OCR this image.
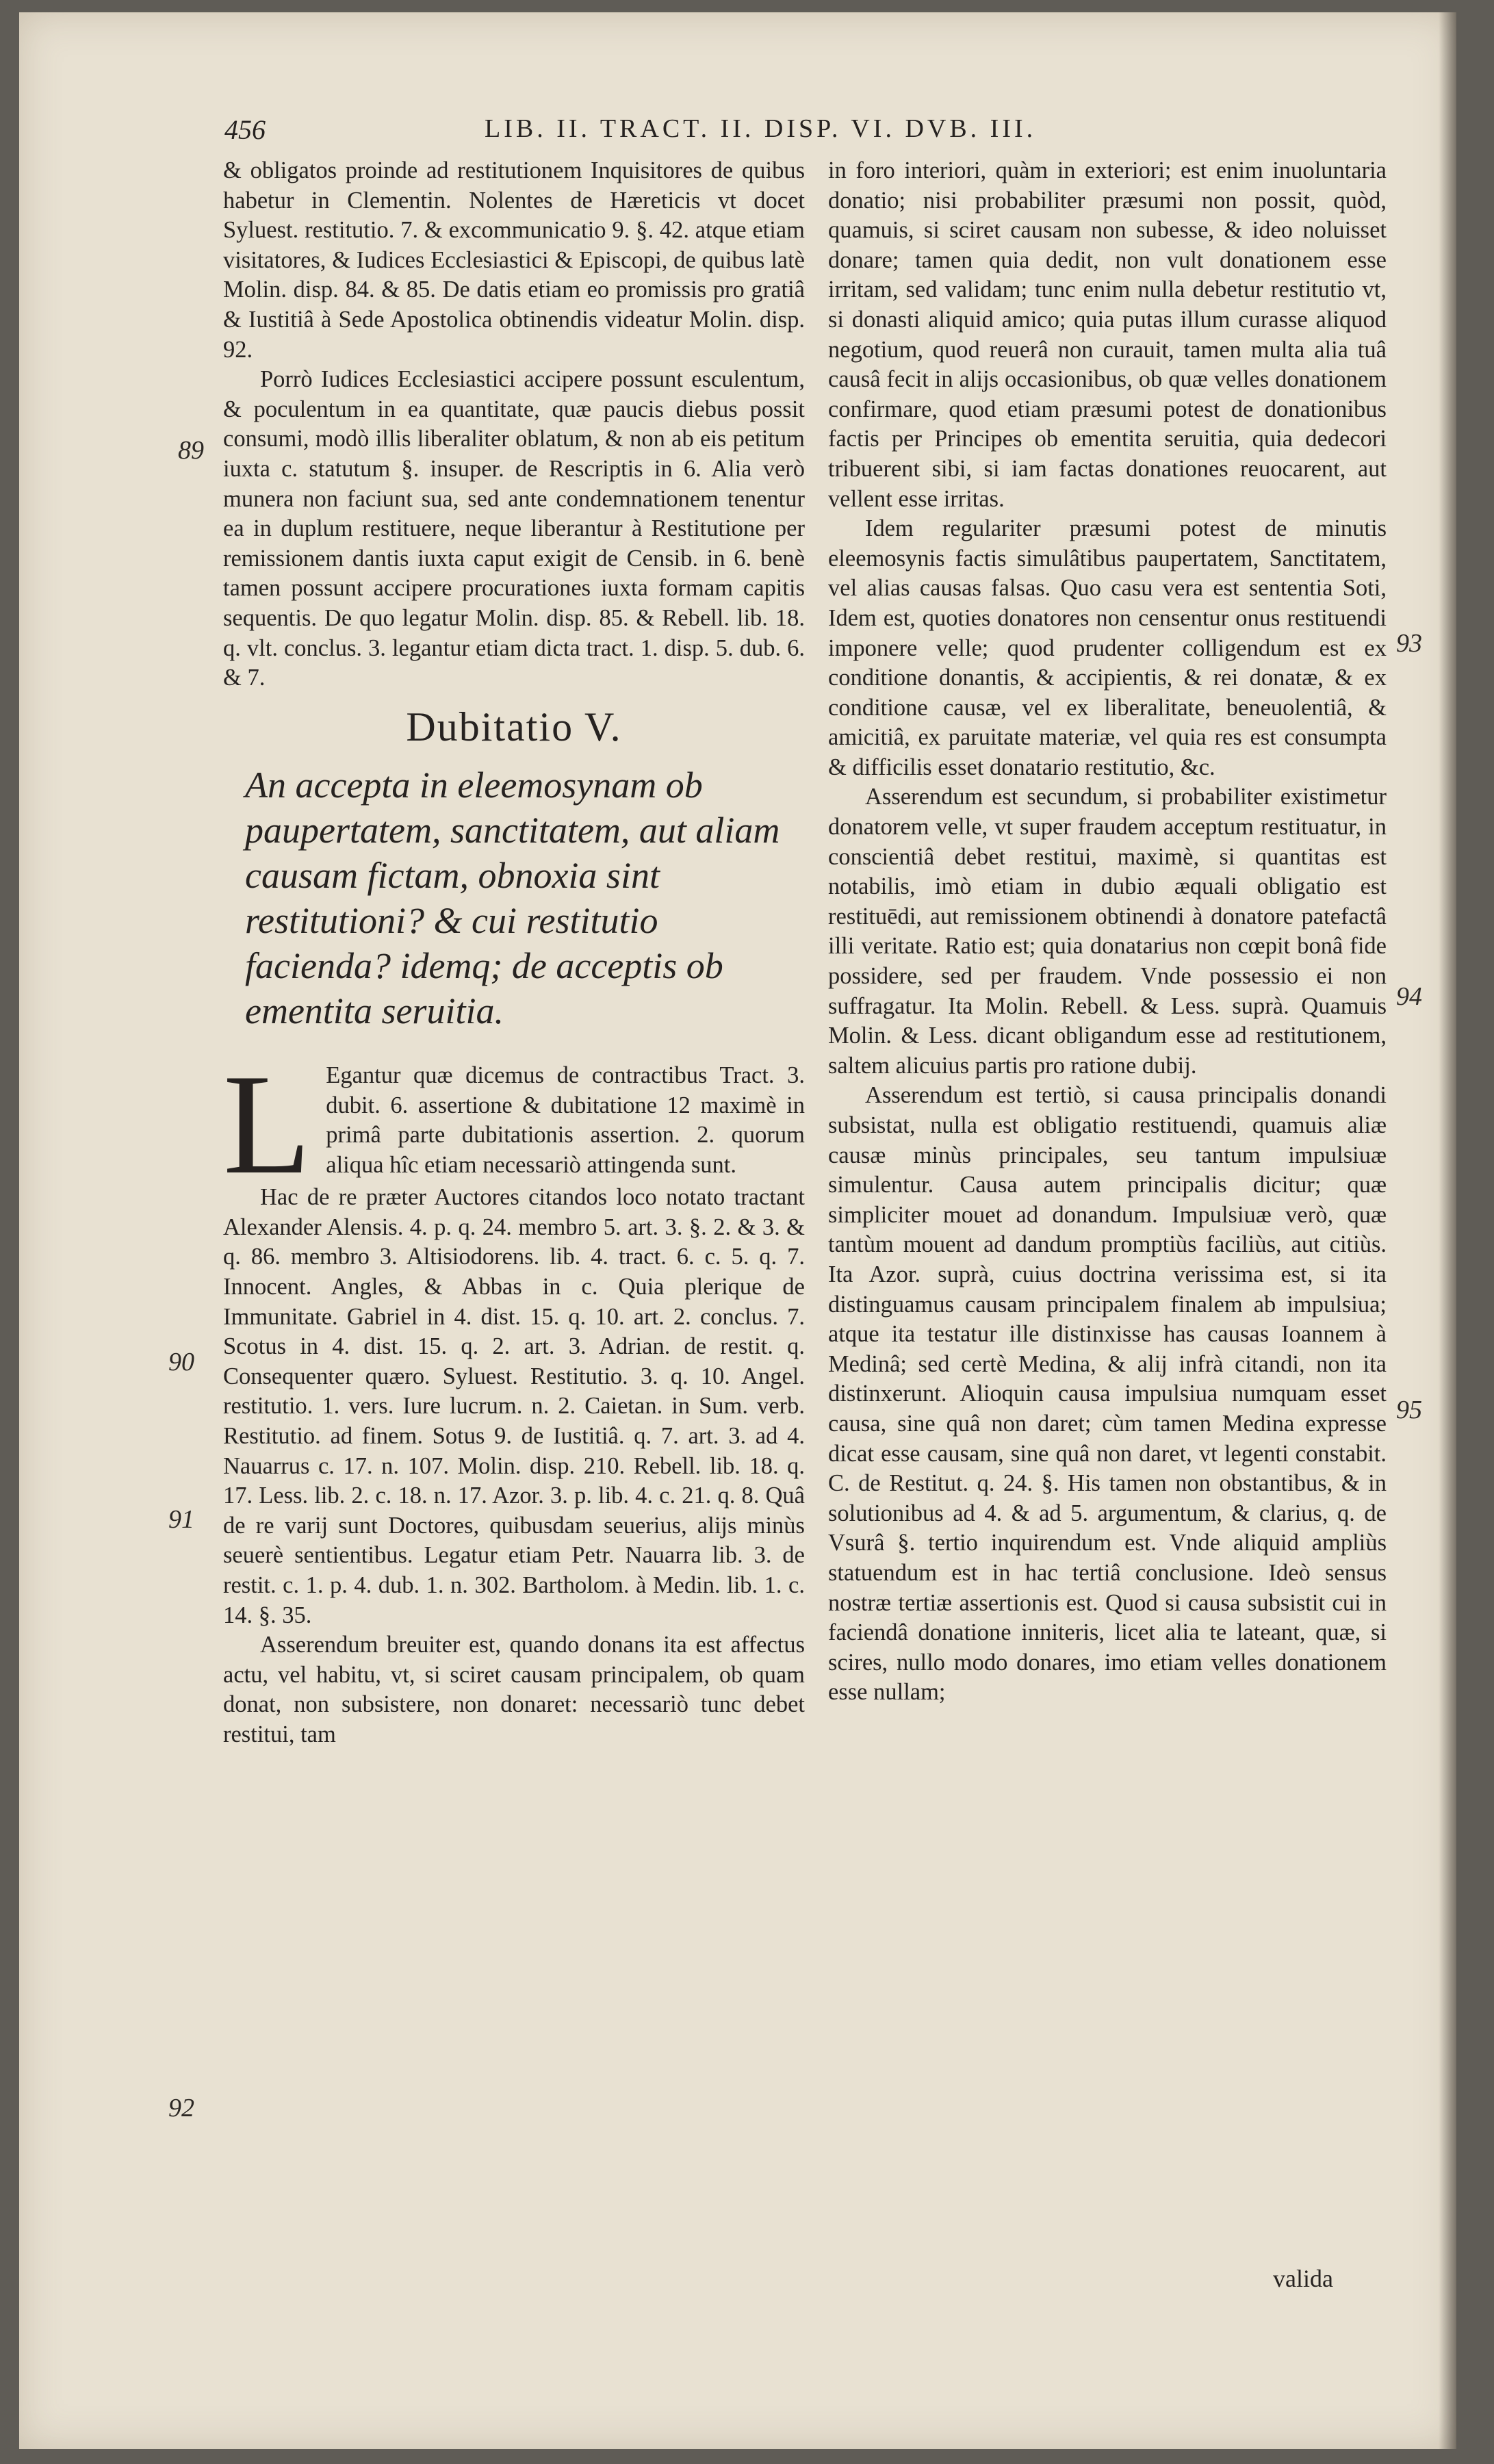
456	LIB. II. TRACT. II. DISP. VI. DVB. III.
89
90
91
92
93
94
95

& obligatos proinde ad restitutionem Inquisitores de quibus habetur in Clementin. Nolentes de Hæreticis vt docet Syluest. restitutio. 7. & excommunicatio 9. §. 42. atque etiam visitatores, & Iudices Ecclesiastici & Episcopi, de quibus latè Molin. disp. 84. & 85. De datis etiam eo promissis pro gratiâ & Iustitiâ à Sede Apostolica obtinendis videatur Molin. disp. 92.

Porrò Iudices Ecclesiastici accipere possunt esculentum, & poculentum in ea quantitate, quæ paucis diebus possit consumi, modò illis liberaliter oblatum, & non ab eis petitum iuxta c. statutum §. insuper. de Rescriptis in 6. Alia verò munera non faciunt sua, sed ante condemnationem tenentur ea in duplum restituere, neque liberantur à Restitutione per remissionem dantis iuxta caput exigit de Censib. in 6. benè tamen possunt accipere procurationes iuxta formam capitis sequentis. De quo legatur Molin. disp. 85. & Rebell. lib. 18. q. vlt. conclus. 3. legantur etiam dicta tract. 1. disp. 5. dub. 6. & 7.

Dubitatio V.
An accepta in eleemosynam ob paupertatem, sanctitatem, aut aliam causam fictam, obnoxia sint restitutioni? & cui restitutio facienda? idemq; de acceptis ob ementita seruitia.

L Egantur quæ dicemus de contractibus Tract. 3. dubit. 6. assertione & dubitatione 12 maximè in primâ parte dubitationis assertion. 2. quorum aliqua hîc etiam necessariò attingenda sunt.

Hac de re præter Auctores citandos loco notato tractant Alexander Alensis. 4. p. q. 24. membro 5. art. 3. §. 2. & 3. & q. 86. membro 3. Altisiodorens. lib. 4. tract. 6. c. 5. q. 7. Innocent. Angles, & Abbas in c. Quia plerique de Immunitate. Gabriel in 4. dist. 15. q. 10. art. 2. conclus. 7. Scotus in 4. dist. 15. q. 2. art. 3. Adrian. de restit. q. Consequenter quæro. Syluest. Restitutio. 3. q. 10. Angel. restitutio. 1. vers. Iure lucrum. n. 2. Caietan. in Sum. verb. Restitutio. ad finem. Sotus 9. de Iustitiâ. q. 7. art. 3. ad 4. Nauarrus c. 17. n. 107. Molin. disp. 210. Rebell. lib. 18. q. 17. Less. lib. 2. c. 18. n. 17. Azor. 3. p. lib. 4. c. 21. q. 8. Quâ de re varij sunt Doctores, quibusdam seuerius, alijs minùs seuerè sentientibus. Legatur etiam Petr. Nauarra lib. 3. de restit. c. 1. p. 4. dub. 1. n. 302. Bartholom. à Medin. lib. 1. c. 14. §. 35.

Asserendum breuiter est, quando donans ita est affectus actu, vel habitu, vt, si sciret causam principalem, ob quam donat, non subsistere, non donaret: necessariò tunc debet restitui, tam

in foro interiori, quàm in exteriori; est enim inuoluntaria donatio; nisi probabiliter præsumi non possit, quòd, quamuis, si sciret causam non subesse, & ideo noluisset donare; tamen quia dedit, non vult donationem esse irritam, sed validam; tunc enim nulla debetur restitutio vt, si donasti aliquid amico; quia putas illum curasse aliquod negotium, quod reuerâ non curauit, tamen multa alia tuâ causâ fecit in alijs occasionibus, ob quæ velles donationem confirmare, quod etiam præsumi potest de donationibus factis per Principes ob ementita seruitia, quia dedecori tribuerent sibi, si iam factas donationes reuocarent, aut vellent esse irritas.

Idem regulariter præsumi potest de minutis eleemosynis factis simulâtibus paupertatem, Sanctitatem, vel alias causas falsas. Quo casu vera est sententia Soti, Idem est, quoties donatores non censentur onus restituendi imponere velle; quod prudenter colligendum est ex conditione donantis, & accipientis, & rei donatæ, & ex conditione causæ, vel ex liberalitate, beneuolentiâ, & amicitiâ, ex paruitate materiæ, vel quia res est consumpta & difficilis esset donatario restitutio, &c.

Asserendum est secundum, si probabiliter existimetur donatorem velle, vt super fraudem acceptum restituatur, in conscientiâ debet restitui, maximè, si quantitas est notabilis, imò etiam in dubio æquali obligatio est restituēdi, aut remissionem obtinendi à donatore patefactâ illi veritate. Ratio est; quia donatarius non cœpit bonâ fide possidere, sed per fraudem. Vnde possessio ei non suffragatur. Ita Molin. Rebell. & Less. suprà. Quamuis Molin. & Less. dicant obligandum esse ad restitutionem, saltem alicuius partis pro ratione dubij.

Asserendum est tertiò, si causa principalis donandi subsistat, nulla est obligatio restituendi, quamuis aliæ causæ minùs principales, seu tantum impulsiuæ simulentur. Causa autem principalis dicitur; quæ simpliciter mouet ad donandum. Impulsiuæ verò, quæ tantùm mouent ad dandum promptiùs faciliùs, aut citiùs. Ita Azor. suprà, cuius doctrina verissima est, si ita distinguamus causam principalem finalem ab impulsiua; atque ita testatur ille distinxisse has causas Ioannem à Medinâ; sed certè Medina, & alij infrà citandi, non ita distinxerunt. Alioquin causa impulsiua numquam esset causa, sine quâ non daret; cùm tamen Medina expresse dicat esse causam, sine quâ non daret, vt legenti constabit. C. de Restitut. q. 24. §. His tamen non obstantibus, & in solutionibus ad 4. & ad 5. argumentum, & clarius, q. de Vsurâ §. tertio inquirendum est. Vnde aliquid ampliùs statuendum est in hac tertiâ conclusione. Ideò sensus nostræ tertiæ assertionis est. Quod si causa subsistit cui in faciendâ donatione inniteris, licet alia te lateant, quæ, si scires, nullo modo donares, imo etiam velles donationem esse nullam;

valida
